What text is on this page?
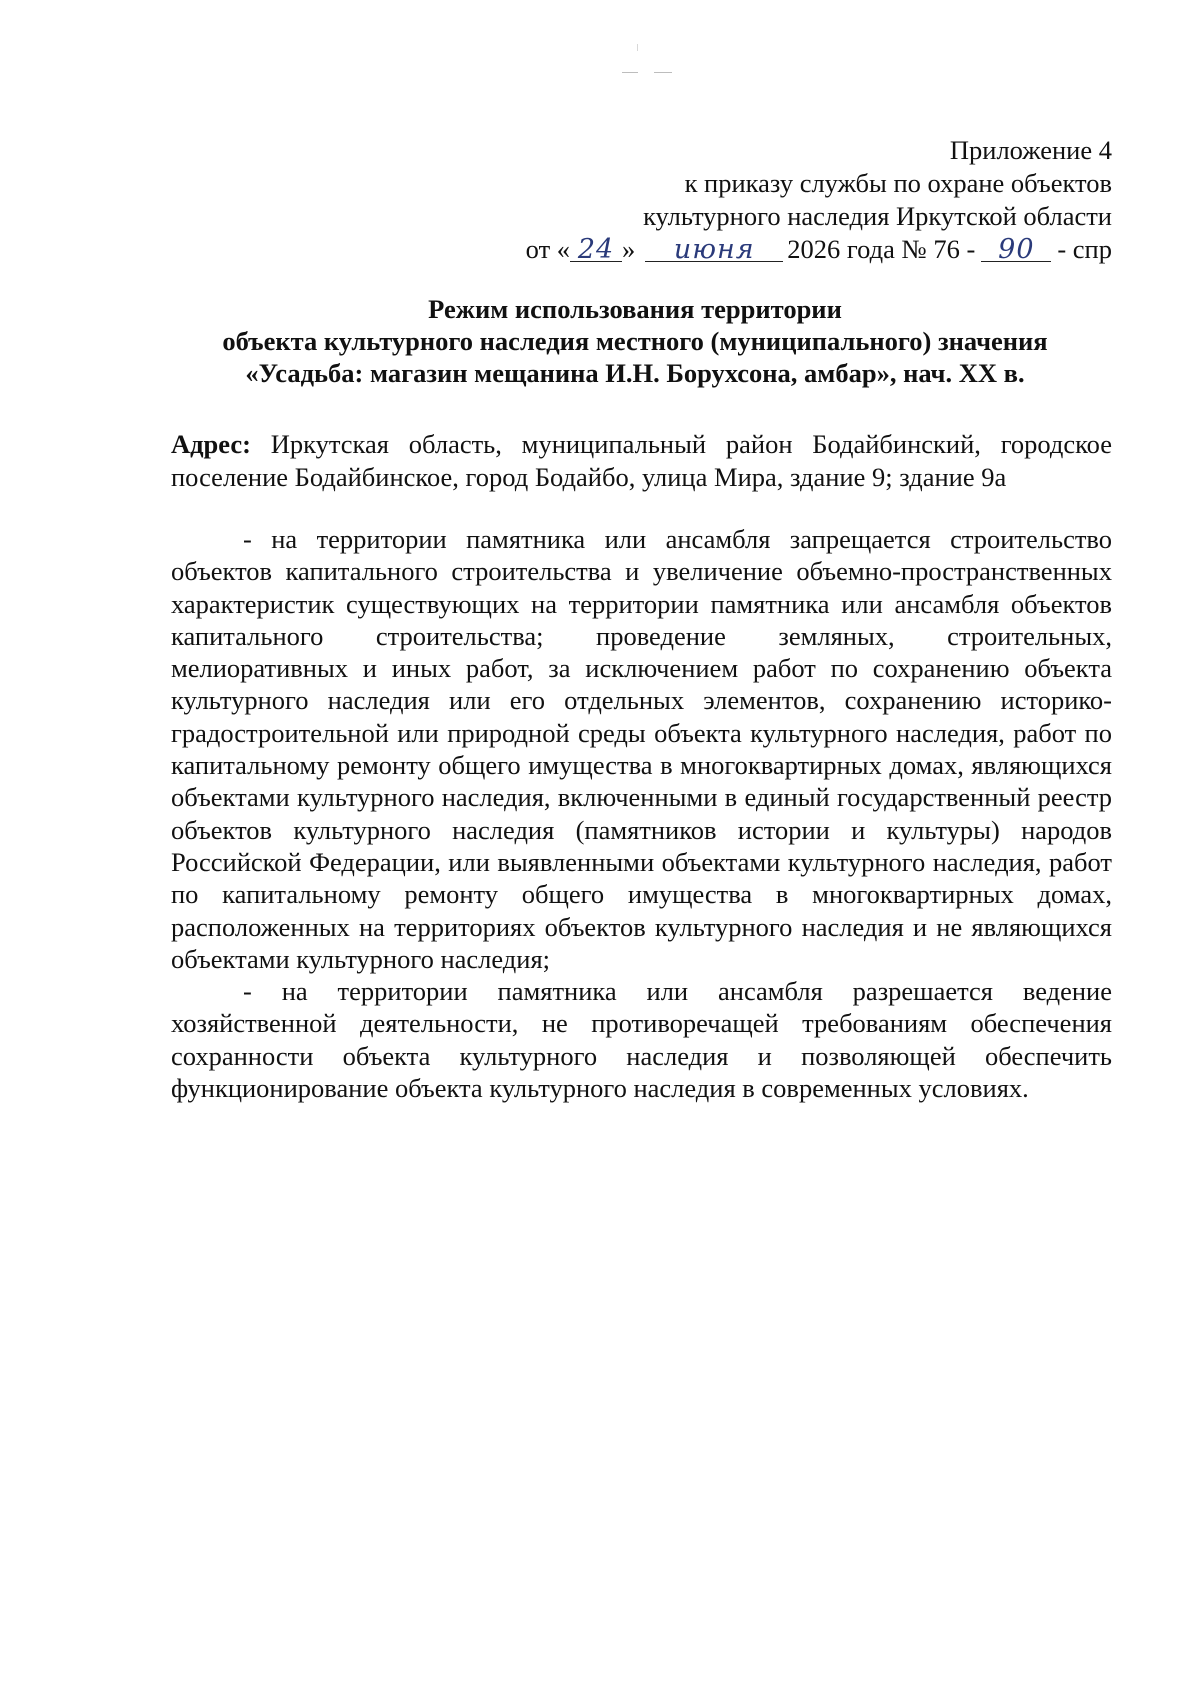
Приложение 4
к приказу службы по охране объектов
культурного наследия Иркутской области
от « 24 » июня 2026 года № 76 - 90 - спр
Режим использования территории
объекта культурного наследия местного (муниципального) значения
«Усадьба: магазин мещанина И.Н. Борухсона, амбар», нач. XX в.
Адрес: Иркутская область, муниципальный район Бодайбинский, городское поселение Бодайбинское, город Бодайбо, улица Мира, здание 9; здание 9а

- на территории памятника или ансамбля запрещается строительство объектов капитального строительства и увеличение объемно-пространственных характеристик существующих на территории памятника или ансамбля объектов капитального строительства; проведение земляных, строительных, мелиоративных и иных работ, за исключением работ по сохранению объекта культурного наследия или его отдельных элементов, сохранению историко-градостроительной или природной среды объекта культурного наследия, работ по капитальному ремонту общего имущества в многоквартирных домах, являющихся объектами культурного наследия, включенными в единый государственный реестр объектов культурного наследия (памятников истории и культуры) народов Российской Федерации, или выявленными объектами культурного наследия, работ по капитальному ремонту общего имущества в многоквартирных домах, расположенных на территориях объектов культурного наследия и не являющихся объектами культурного наследия;

- на территории памятника или ансамбля разрешается ведение хозяйственной деятельности, не противоречащей требованиям обеспечения сохранности объекта культурного наследия и позволяющей обеспечить функционирование объекта культурного наследия в современных условиях.
